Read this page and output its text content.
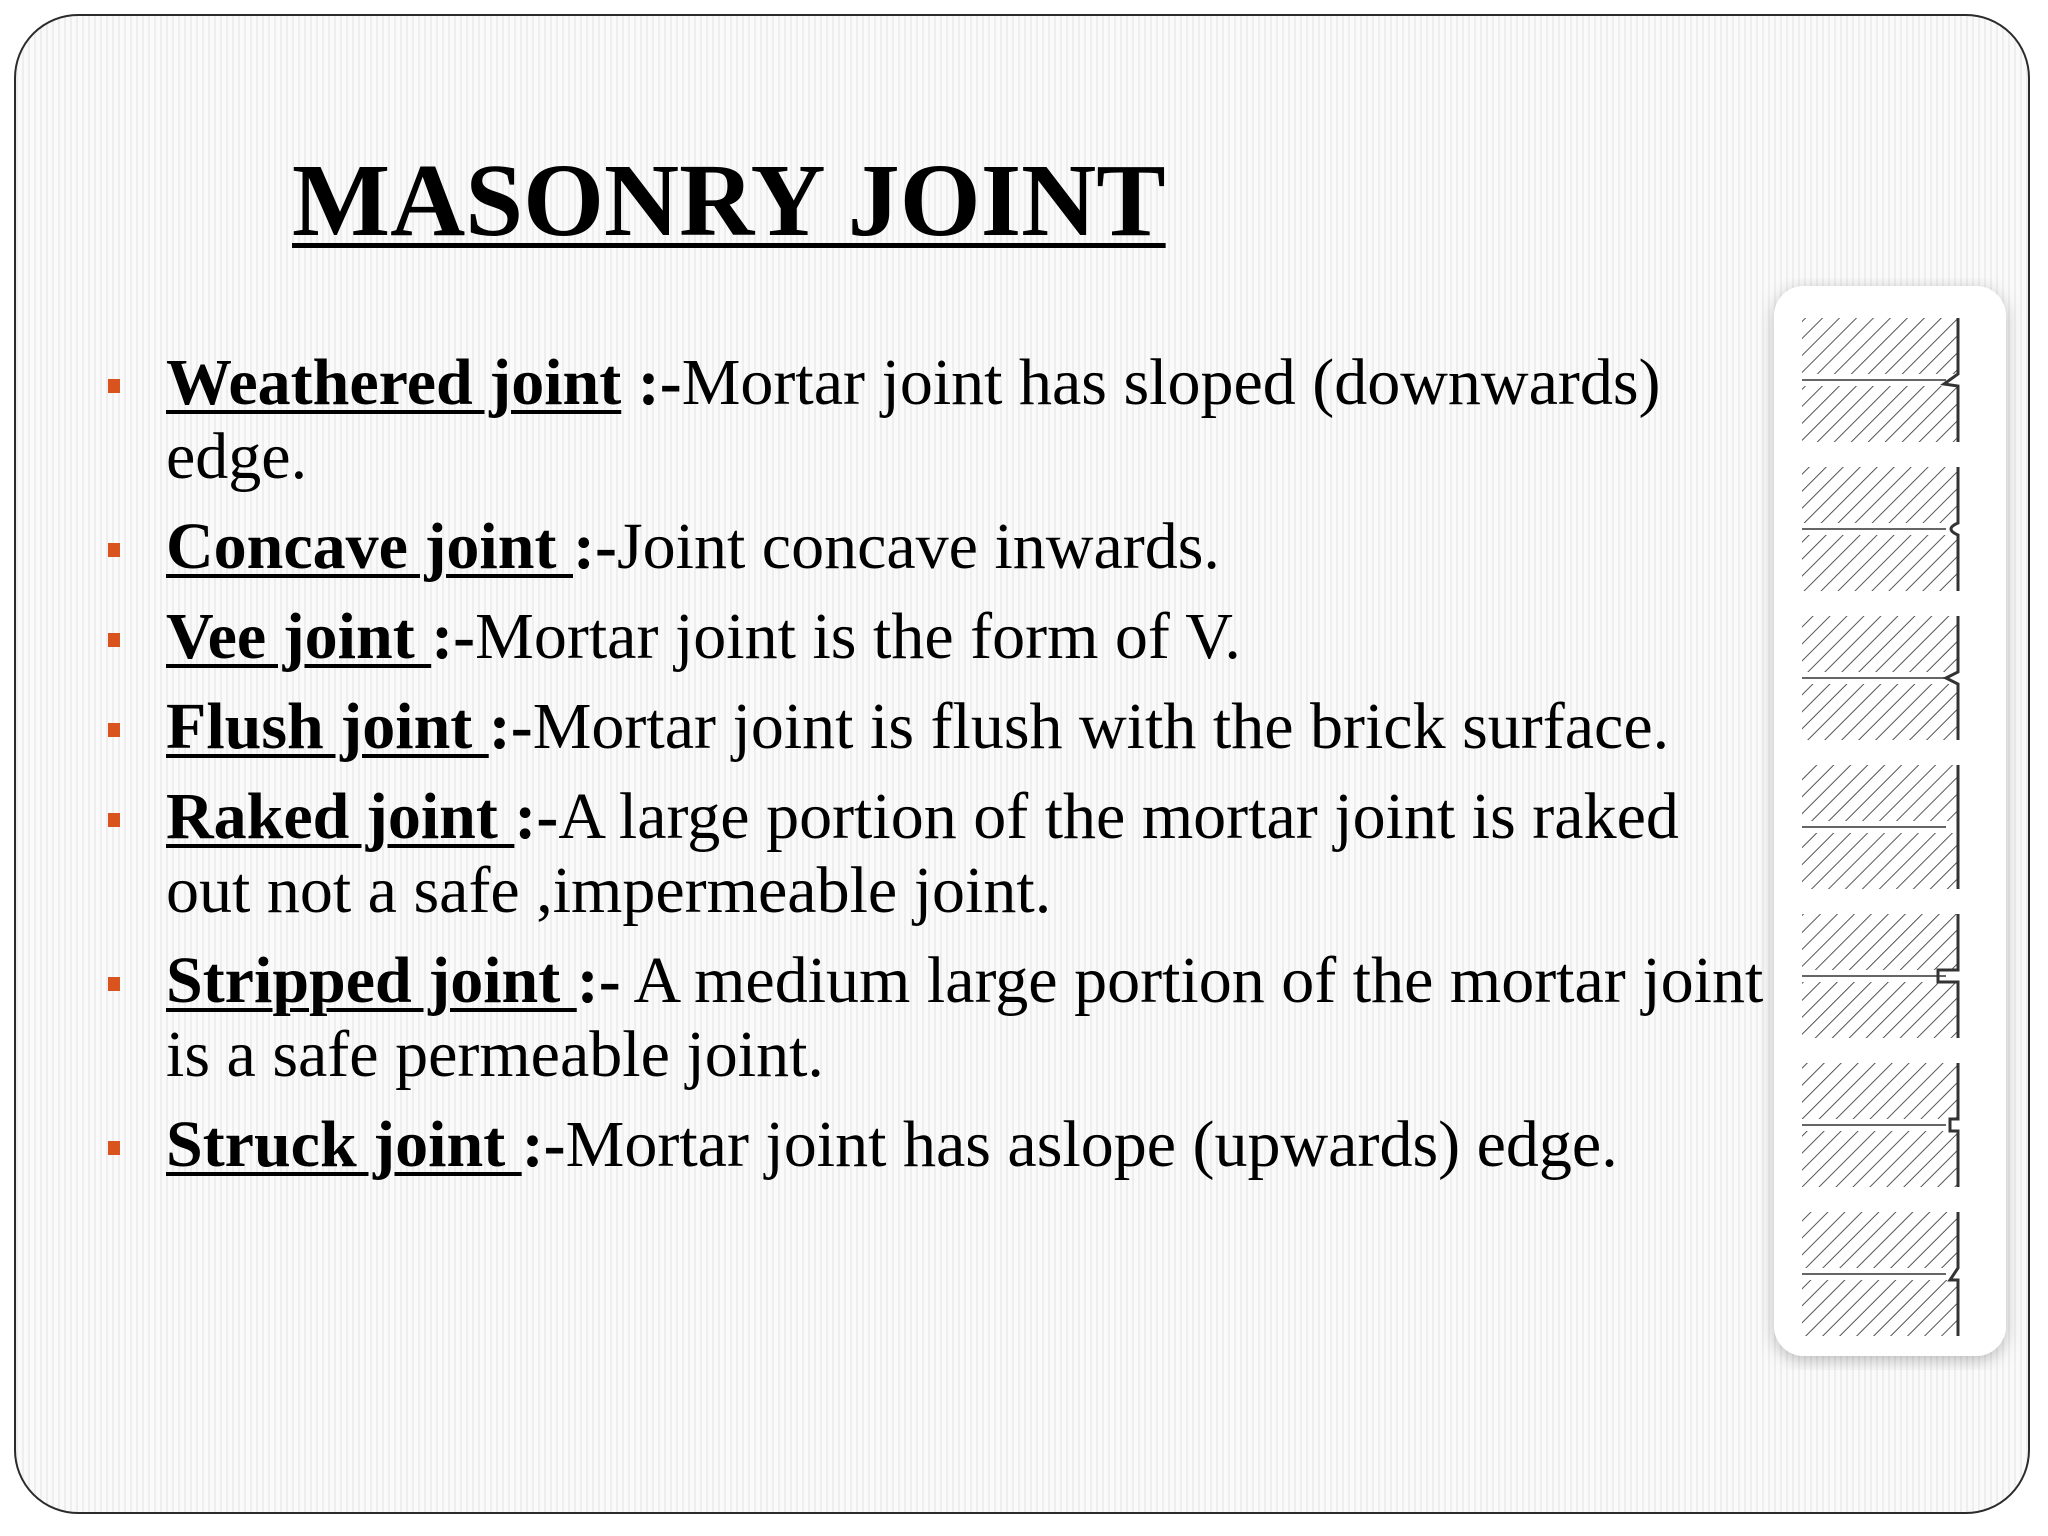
MASONRY JOINT
Weathered joint :-Mortar joint has sloped (downwards) edge.
Concave joint :-Joint concave inwards.
Vee joint :-Mortar joint is the form of V.
Flush joint :-Mortar joint is flush with the brick surface.
Raked joint :-A large portion of the mortar joint is raked out not a safe ,impermeable joint.
Stripped joint :- A medium large portion of the mortar joint is a safe permeable joint.
Struck joint :-Mortar joint has aslope (upwards) edge.
